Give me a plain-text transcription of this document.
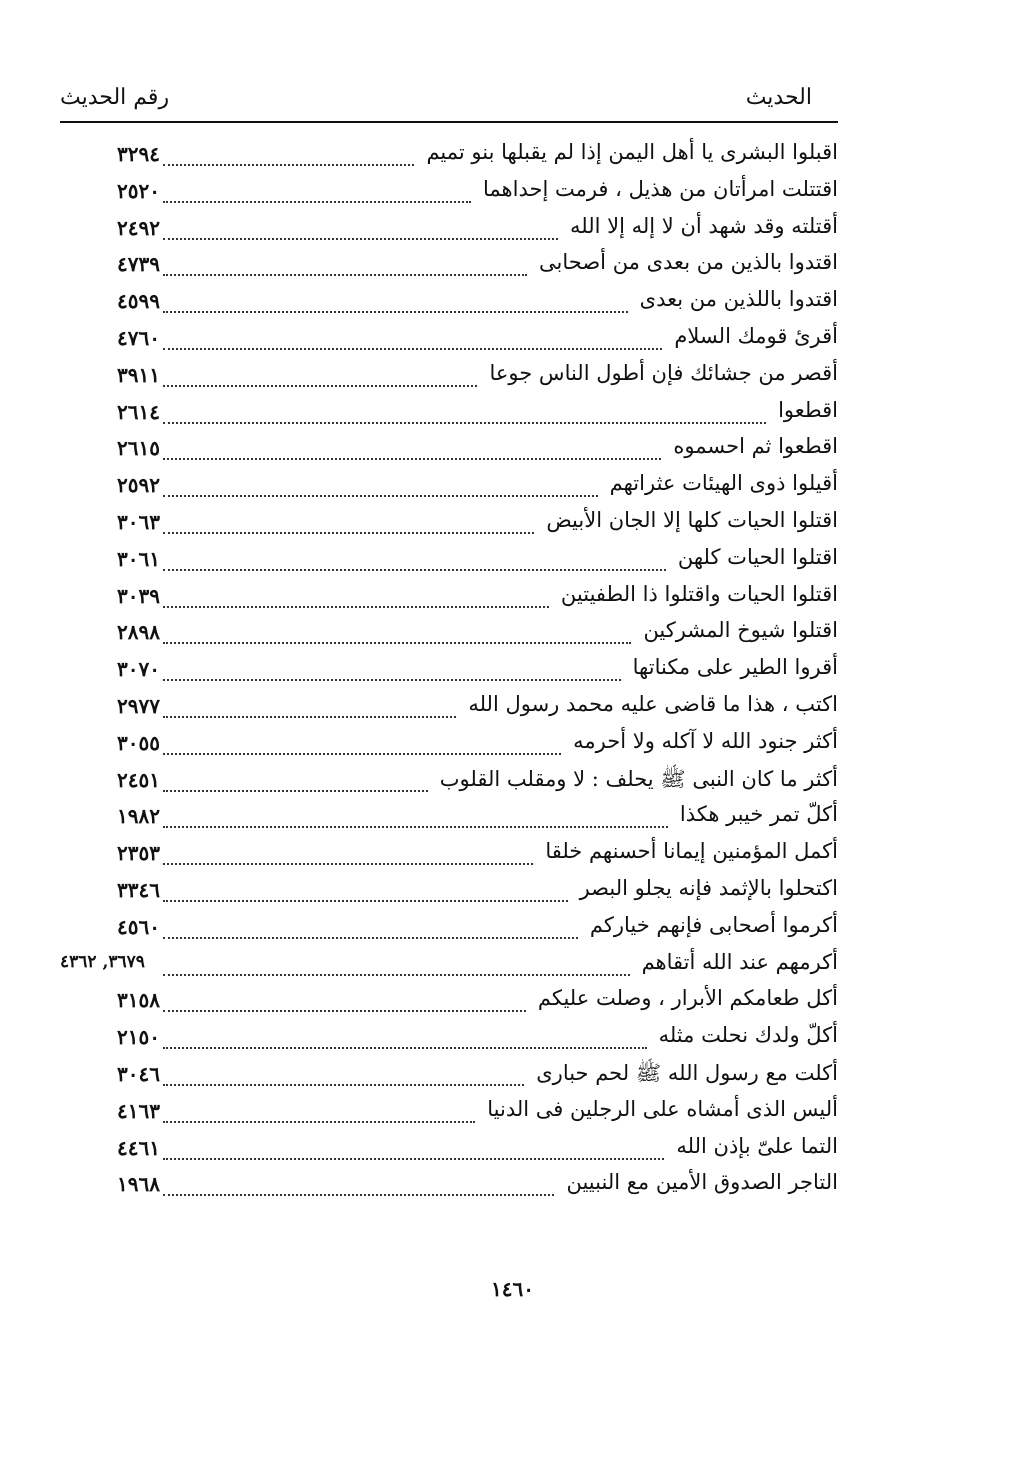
الحديث
رقم الحديث
٣٢٩٤	اقبلوا البشرى يا أهل اليمن إذا لم يقبلها بنو تميم
٢٥٢٠	اقتتلت امرأتان من هذيل ، فرمت إحداهما
٢٤٩٢	أقتلته وقد شهد أن لا إله إلا الله
٤٧٣٩	اقتدوا بالذين من بعدى من أصحابى
٤٥٩٩	اقتدوا باللذين من بعدى
٤٧٦٠	أقرئ قومك السلام
٣٩١١	أقصر من جشائك فإن أطول الناس جوعا
٢٦١٤	اقطعوا
٢٦١٥	اقطعوا ثم احسموه
٢٥٩٢	أقيلوا ذوى الهيئات عثراتهم
٣٠٦٣	اقتلوا الحيات كلها إلا الجان الأبيض
٣٠٦١	اقتلوا الحيات كلهن
٣٠٣٩	اقتلوا الحيات واقتلوا ذا الطفيتين
٢٨٩٨	اقتلوا شيوخ المشركين
٣٠٧٠	أقروا الطير على مكناتها
٢٩٧٧	اكتب ، هذا ما قاضى عليه محمد رسول الله
٣٠٥٥	أكثر جنود الله لا آكله ولا أحرمه
٢٤٥١	أكثر ما كان النبى ﷺ يحلف : لا ومقلب القلوب
١٩٨٢	أكلّ تمر خيبر هكذا
٢٣٥٣	أكمل المؤمنين إيمانا أحسنهم خلقا
٣٣٤٦	اكتحلوا بالإثمد فإنه يجلو البصر
٤٥٦٠	أكرموا أصحابى فإنهم خياركم
٣٦٧٩, ٤٣٦٢	أكرمهم عند الله أتقاهم
٣١٥٨	أكل طعامكم الأبرار ، وصلت عليكم
٢١٥٠	أكلّ ولدك نحلت مثله
٣٠٤٦	أكلت مع رسول الله ﷺ لحم حبارى
٤١٦٣	أليس الذى أمشاه على الرجلين فى الدنيا
٤٤٦١	التما علىّ بإذن الله
١٩٦٨	التاجر الصدوق الأمين مع النبيين
١٤٦٠
